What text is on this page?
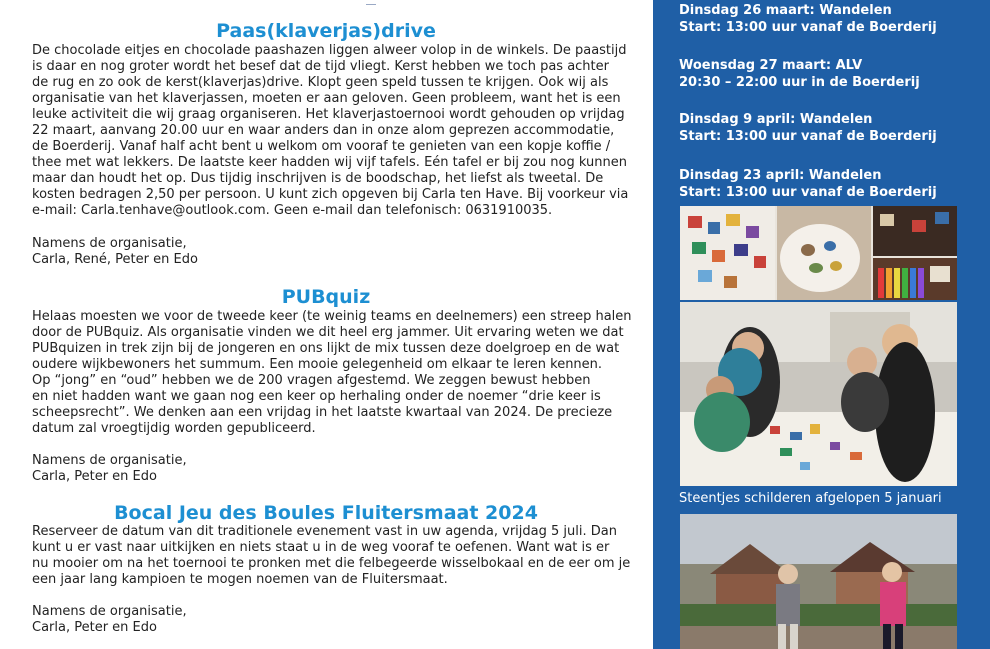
Paas(klaverjas)drive

De chocolade eitjes en chocolade paashazen liggen alweer volop in de winkels. De paastijd
is daar en nog groter wordt het besef dat de tijd vliegt. Kerst hebben we toch pas achter
de rug en zo ook de kerst(klaverjas)drive. Klopt geen speld tussen te krijgen. Ook wij als
organisatie van het klaverjassen, moeten er aan geloven. Geen probleem, want het is een
leuke activiteit die wij graag organiseren. Het klaverjastoernooi wordt gehouden op vrijdag
22 maart, aanvang 20.00 uur en waar anders dan in onze alom geprezen accommodatie,
de Boerderij. Vanaf half acht bent u welkom om vooraf te genieten van een kopje koffie /
thee met wat lekkers. De laatste keer hadden wij vijf tafels. Eén tafel er bij zou nog kunnen
maar dan houdt het op. Dus tijdig inschrijven is de boodschap, het liefst als tweetal. De
kosten bedragen 2,50 per persoon. U kunt zich opgeven bij Carla ten Have. Bij voorkeur via
e-mail: Carla.tenhave@outlook.com. Geen e-mail dan telefonisch: 0631910035.

Namens de organisatie,
Carla, René, Peter en Edo

PUBquiz

Helaas moesten we voor de tweede keer (te weinig teams en deelnemers) een streep halen
door de PUBquiz. Als organisatie vinden we dit heel erg jammer. Uit ervaring weten we dat
PUBquizen in trek zijn bij de jongeren en ons lijkt de mix tussen deze doelgroep en de wat
oudere wijkbewoners het summum. Een mooie gelegenheid om elkaar te leren kennen.
Op “jong” en “oud” hebben we de 200 vragen afgestemd. We zeggen bewust hebben
en niet hadden want we gaan nog een keer op herhaling onder de noemer “drie keer is
scheepsrecht”. We denken aan een vrijdag in het laatste kwartaal van 2024. De precieze
datum zal vroegtijdig worden gepubliceerd.

Namens de organisatie,
Carla, Peter en Edo

Bocal Jeu des Boules Fluitersmaat 2024

Reserveer de datum van dit traditionele evenement vast in uw agenda, vrijdag 5 juli. Dan
kunt u er vast naar uitkijken en niets staat u in de weg vooraf te oefenen. Want wat is er
nu mooier om na het toernooi te pronken met die felbegeerde wisselbokaal en de eer om je
een jaar lang kampioen te mogen noemen van de Fluitersmaat.

Namens de organisatie,
Carla, Peter en Edo

Dinsdag 26 maart: Wandelen
Start: 13:00 uur vanaf de Boerderij

Woensdag 27 maart: ALV
20:30 – 22:00 uur in de Boerderij

Dinsdag 9 april: Wandelen
Start: 13:00 uur vanaf de Boerderij

Dinsdag 23 april: Wandelen
Start: 13:00 uur vanaf de Boerderij

Steentjes schilderen afgelopen 5 januari
